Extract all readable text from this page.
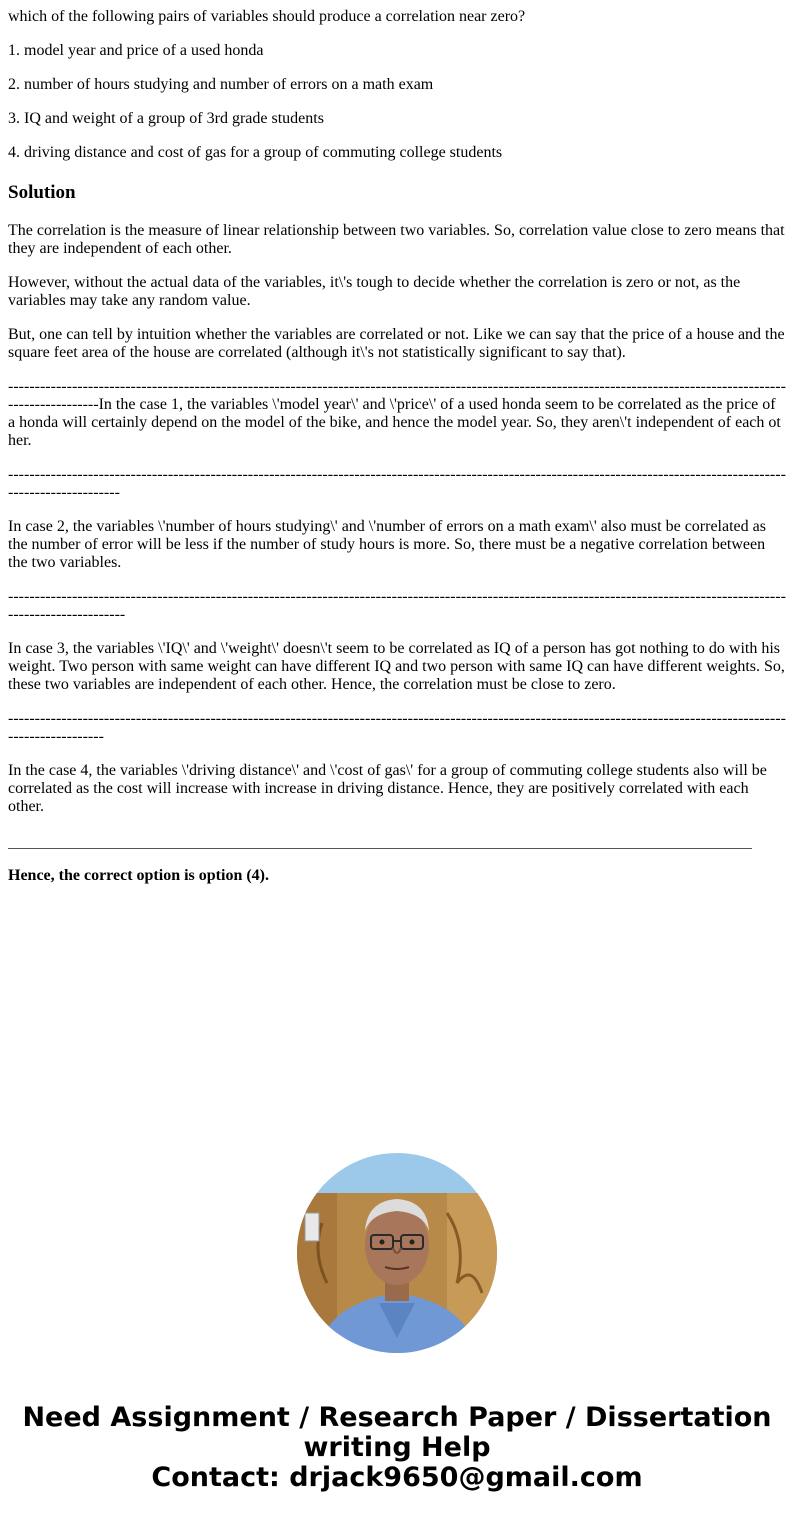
which of the following pairs of variables should produce a correlation near zero?

1. model year and price of a used honda

2. number of hours studying and number of errors on a math exam

3. IQ and weight of a group of 3rd grade students

4. driving distance and cost of gas for a group of commuting college students

Solution

The correlation is the measure of linear relationship between two variables. So, correlation value close to zero means that they are independent of each other.

However, without the actual data of the variables, it\'s tough to decide whether the correlation is zero or not, as the variables may take any random value.

But, one can tell by intuition whether the variables are correlated or not. Like we can say that the price of a house and the square feet area of the house are correlated (although it\'s not statistically significant to say that).

-------------------------------------------------------------------------------------------------------------------------------------------------------------------In the case 1, the variables \'model year\' and \'price\' of a used honda seem to be correlated as the price of a honda will certainly depend on the model of the bike, and hence the model year. So, they aren\'t independent of each other.

-----------------------------------------------------------------------------------------------------------------------------------------------------------------------

In case 2, the variables \'number of hours studying\' and \'number of errors on a math exam\' also must be correlated as the number of error will be less if the number of study hours is more. So, there must be a negative correlation between the two variables.

------------------------------------------------------------------------------------------------------------------------------------------------------------------------

In case 3, the variables \'IQ\' and \'weight\' doesn\'t seem to be correlated as IQ of a person has got nothing to do with his weight. Two person with same weight can have different IQ and two person with same IQ can have different weights. So, these two variables are independent of each other. Hence, the correlation must be close to zero.

--------------------------------------------------------------------------------------------------------------------------------------------------------------------

In the case 4, the variables \'driving distance\' and \'cost of gas\' for a group of commuting college students also will be correlated as the cost will increase with increase in driving distance. Hence, they are positively correlated with each other.

Hence, the correct option is option (4).

Need Assignment / Research Paper / Dissertation
writing Help
Contact: drjack9650@gmail.com
